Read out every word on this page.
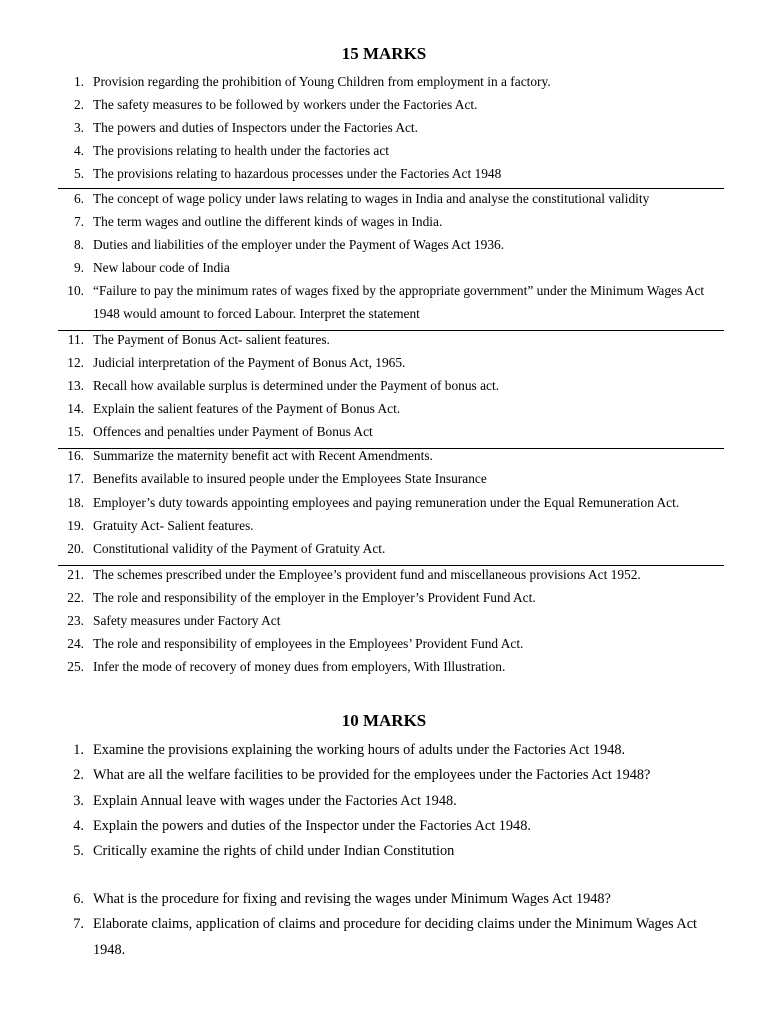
15 MARKS
1. Provision regarding the prohibition of Young Children from employment in a factory.
2. The safety measures to be followed by workers under the Factories Act.
3. The powers and duties of Inspectors under the Factories Act.
4. The provisions relating to health under the factories act
5. The provisions relating to hazardous processes under the Factories Act 1948
6. The concept of wage policy under laws relating to wages in India and analyse the constitutional validity
7. The term wages and outline the different kinds of wages in India.
8. Duties and liabilities of the employer under the Payment of Wages Act 1936.
9. New labour code of India
10. “Failure to pay the minimum rates of wages fixed by the appropriate government” under the Minimum Wages Act 1948 would amount to forced Labour. Interpret the statement
11. The Payment of Bonus Act- salient features.
12. Judicial interpretation of the Payment of Bonus Act, 1965.
13. Recall how available surplus is determined under the Payment of bonus act.
14. Explain the salient features of the Payment of Bonus Act.
15. Offences and penalties under Payment of Bonus Act
16. Summarize the maternity benefit act with Recent Amendments.
17. Benefits available to insured people under the Employees State Insurance
18. Employer’s duty towards appointing employees and paying remuneration under the Equal Remuneration Act.
19. Gratuity Act- Salient features.
20. Constitutional validity of the Payment of Gratuity Act.
21. The schemes prescribed under the Employee’s provident fund and miscellaneous provisions Act 1952.
22. The role and responsibility of the employer in the Employer’s Provident Fund Act.
23. Safety measures under Factory Act
24. The role and responsibility of employees in the Employees’ Provident Fund Act.
25. Infer the mode of recovery of money dues from employers, With Illustration.
10 MARKS
1. Examine the provisions explaining the working hours of adults under the Factories Act 1948.
2. What are all the welfare facilities to be provided for the employees under the Factories Act 1948?
3. Explain Annual leave with wages under the Factories Act 1948.
4. Explain the powers and duties of the Inspector under the Factories Act 1948.
5. Critically examine the rights of child under Indian Constitution
6. What is the procedure for fixing and revising the wages under Minimum Wages Act 1948?
7. Elaborate claims, application of claims and procedure for deciding claims under the Minimum Wages Act 1948.
